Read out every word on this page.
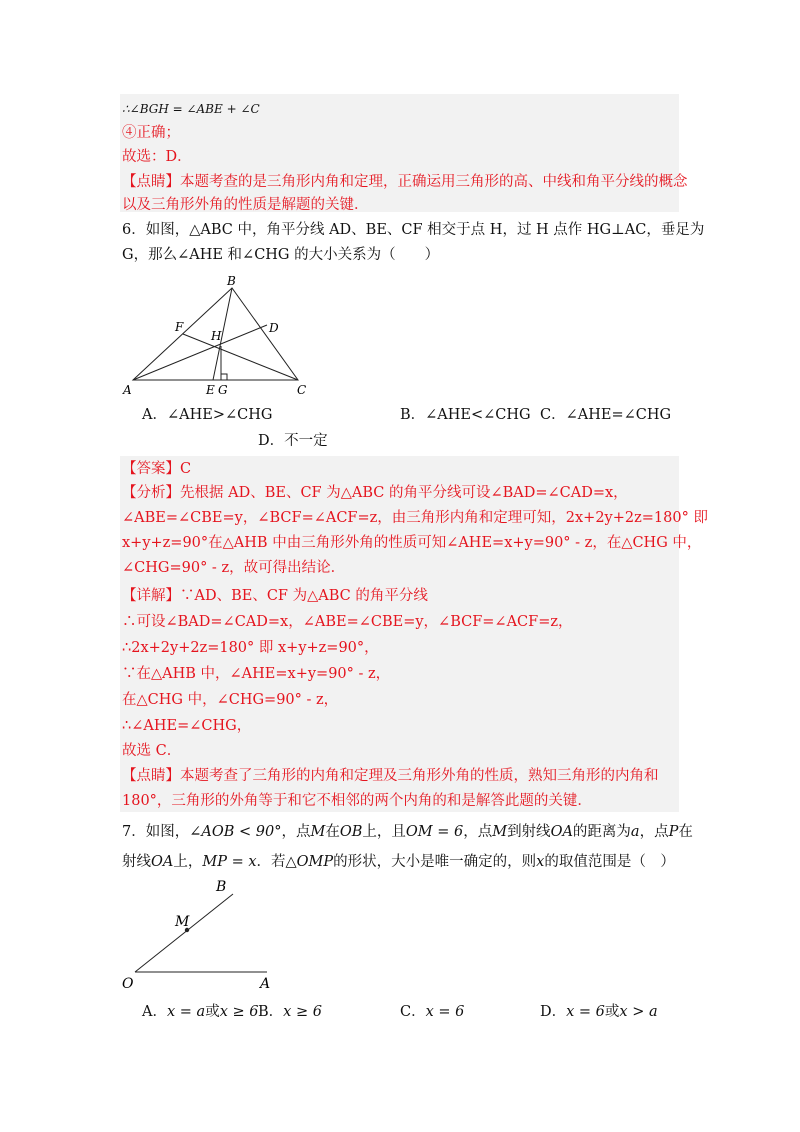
∴∠BGH = ∠ABE + ∠C
④正确；
故选：D．
【点睛】本题考查的是三角形内角和定理，正确运用三角形的高、中线和角平分线的概念
以及三角形外角的性质是解题的关键．
6．如图，△ABC 中，角平分线 AD、BE、CF 相交于点 H，过 H 点作 HG⊥AC，垂足为
G，那么∠AHE 和∠CHG 的大小关系为（　　）
B
F	D
H
A	E G	C
A．∠AHE>∠CHG	B．∠AHE<∠CHG C．∠AHE=∠CHG
D．不一定
【答案】C
【分析】先根据 AD、BE、CF 为△ABC 的角平分线可设∠BAD=∠CAD=x，
∠ABE=∠CBE=y，∠BCF=∠ACF=z，由三角形内角和定理可知，2x+2y+2z=180° 即
x+y+z=90°在△AHB 中由三角形外角的性质可知∠AHE=x+y=90° - z，在△CHG 中，
∠CHG=90° - z，故可得出结论．
【详解】∵AD、BE、CF 为△ABC 的角平分线
∴可设∠BAD=∠CAD=x，∠ABE=∠CBE=y，∠BCF=∠ACF=z，
∴2x+2y+2z=180° 即 x+y+z=90°，
∵在△AHB 中，∠AHE=x+y=90° - z，
在△CHG 中，∠CHG=90° - z，
∴∠AHE=∠CHG，
故选 C．
【点睛】本题考查了三角形的内角和定理及三角形外角的性质，熟知三角形的内角和
180°，三角形的外角等于和它不相邻的两个内角的和是解答此题的关键．
7．如图，∠AOB < 90°，点M在OB上，且OM = 6，点M到射线OA的距离为a，点P在
射线OA上，MP = x．若△OMP的形状，大小是唯一确定的，则x的取值范围是（　）
B
M
O	A
A．x = a或x ≥ 6 B．x ≥ 6	C．x = 6	D．x = 6或x > a
